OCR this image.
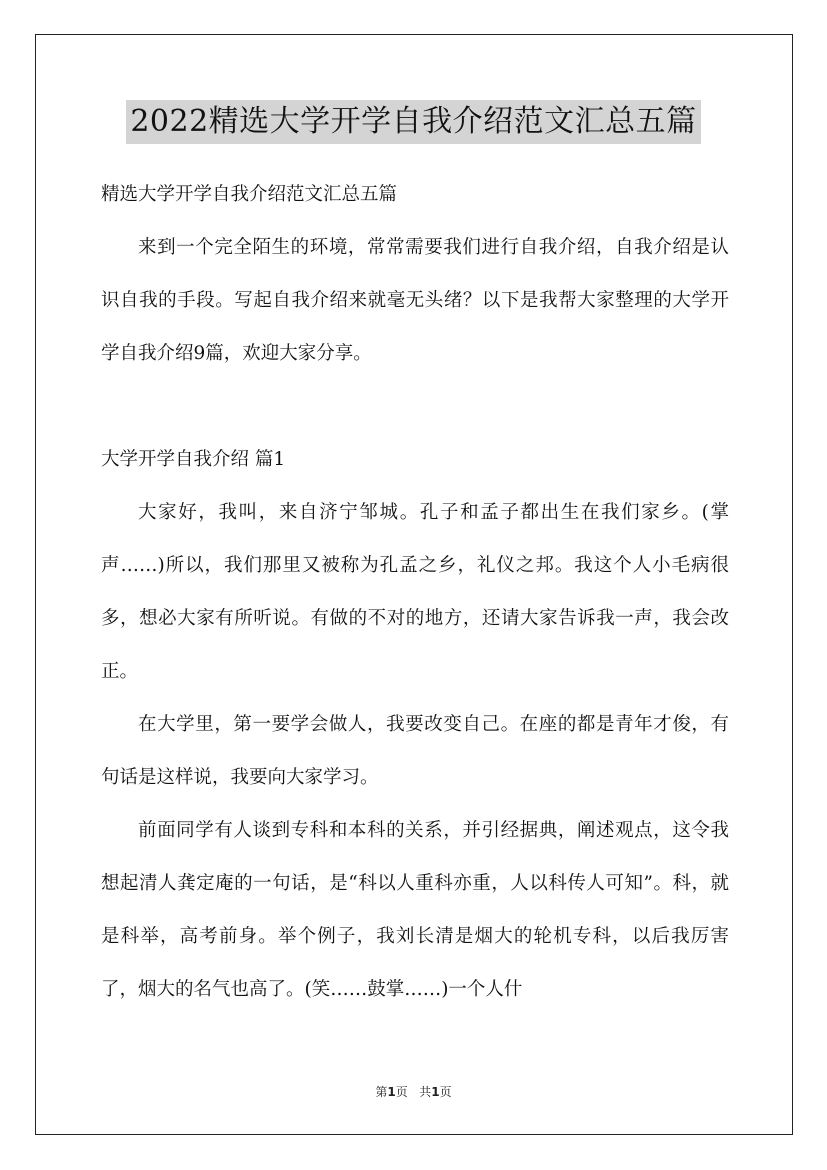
2022精选大学开学自我介绍范文汇总五篇

精选大学开学自我介绍范文汇总五篇

来到一个完全陌生的环境，常常需要我们进行自我介绍，自我介绍是认识自我的手段。写起自我介绍来就毫无头绪？以下是我帮大家整理的大学开学自我介绍9篇，欢迎大家分享。

大学开学自我介绍 篇1

大家好，我叫，来自济宁邹城。孔子和孟子都出生在我们家乡。(掌声……)所以，我们那里又被称为孔孟之乡，礼仪之邦。我这个人小毛病很多，想必大家有所听说。有做的不对的地方，还请大家告诉我一声，我会改正。

在大学里，第一要学会做人，我要改变自己。在座的都是青年才俊，有句话是这样说，我要向大家学习。

前面同学有人谈到专科和本科的关系，并引经据典，阐述观点，这令我想起清人龚定庵的一句话，是“科以人重科亦重，人以科传人可知”。科，就是科举，高考前身。举个例子，我刘长清是烟大的轮机专科，以后我厉害了，烟大的名气也高了。(笑……鼓掌……)一个人什

第1页 共1页
